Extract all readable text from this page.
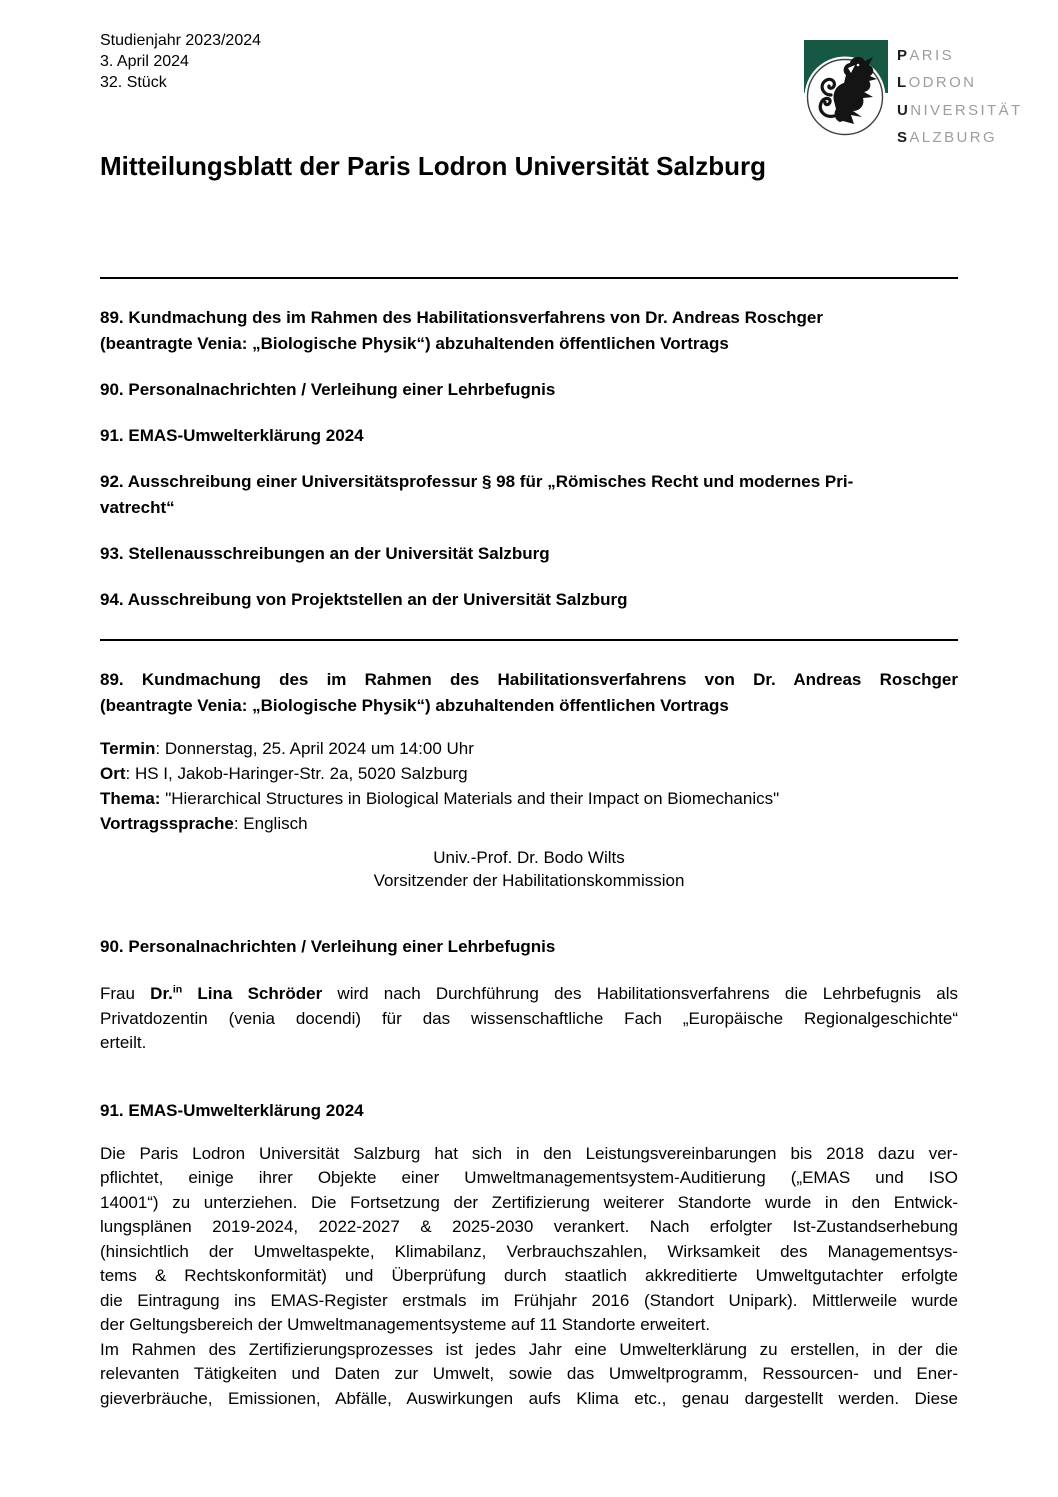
PARIS
LODRON
UNIVERSITÄT
SALZBURG
Studienjahr 2023/2024
3. April 2024
32. Stück
Mitteilungsblatt der Paris Lodron Universität Salzburg
89. Kundmachung des im Rahmen des Habilitationsverfahrens von Dr. Andreas Roschger
(beantragte Venia: „Biologische Physik“) abzuhaltenden öffentlichen Vortrags
90. Personalnachrichten / Verleihung einer Lehrbefugnis
91. EMAS-Umwelterklärung 2024
92. Ausschreibung einer Universitätsprofessur § 98 für „Römisches Recht und modernes Pri-
vatrecht“
93. Stellenausschreibungen an der Universität Salzburg
94. Ausschreibung von Projektstellen an der Universität Salzburg
89. Kundmachung des im Rahmen des Habilitationsverfahrens von Dr. Andreas Roschger
(beantragte Venia: „Biologische Physik“) abzuhaltenden öffentlichen Vortrags
Termin: Donnerstag, 25. April 2024 um 14:00 Uhr
Ort: HS I, Jakob-Haringer-Str. 2a, 5020 Salzburg
Thema: "Hierarchical Structures in Biological Materials and their Impact on Biomechanics"
Vortragssprache: Englisch
Univ.-Prof. Dr. Bodo Wilts
Vorsitzender der Habilitationskommission
90. Personalnachrichten / Verleihung einer Lehrbefugnis
Frau Dr.$^{in}$ Lina Schröder wird nach Durchführung des Habilitationsverfahrens die Lehrbefugnis als
Privatdozentin (venia docendi) für das wissenschaftliche Fach „Europäische Regionalgeschichte“
erteilt.
91. EMAS-Umwelterklärung 2024
Die Paris Lodron Universität Salzburg hat sich in den Leistungsvereinbarungen bis 2018 dazu ver-
pflichtet, einige ihrer Objekte einer Umweltmanagementsystem-Auditierung („EMAS und ISO
14001“) zu unterziehen. Die Fortsetzung der Zertifizierung weiterer Standorte wurde in den Entwick-
lungsplänen 2019-2024, 2022-2027 & 2025-2030 verankert. Nach erfolgter Ist-Zustandserhebung
(hinsichtlich der Umweltaspekte, Klimabilanz, Verbrauchszahlen, Wirksamkeit des Managementsys-
tems & Rechtskonformität) und Überprüfung durch staatlich akkreditierte Umweltgutachter erfolgte
die Eintragung ins EMAS-Register erstmals im Frühjahr 2016 (Standort Unipark). Mittlerweile wurde
der Geltungsbereich der Umweltmanagementsysteme auf 11 Standorte erweitert.
Im Rahmen des Zertifizierungsprozesses ist jedes Jahr eine Umwelterklärung zu erstellen, in der die
relevanten Tätigkeiten und Daten zur Umwelt, sowie das Umweltprogramm, Ressourcen- und Ener-
gieverbräuche, Emissionen, Abfälle, Auswirkungen aufs Klima etc., genau dargestellt werden. Diese
